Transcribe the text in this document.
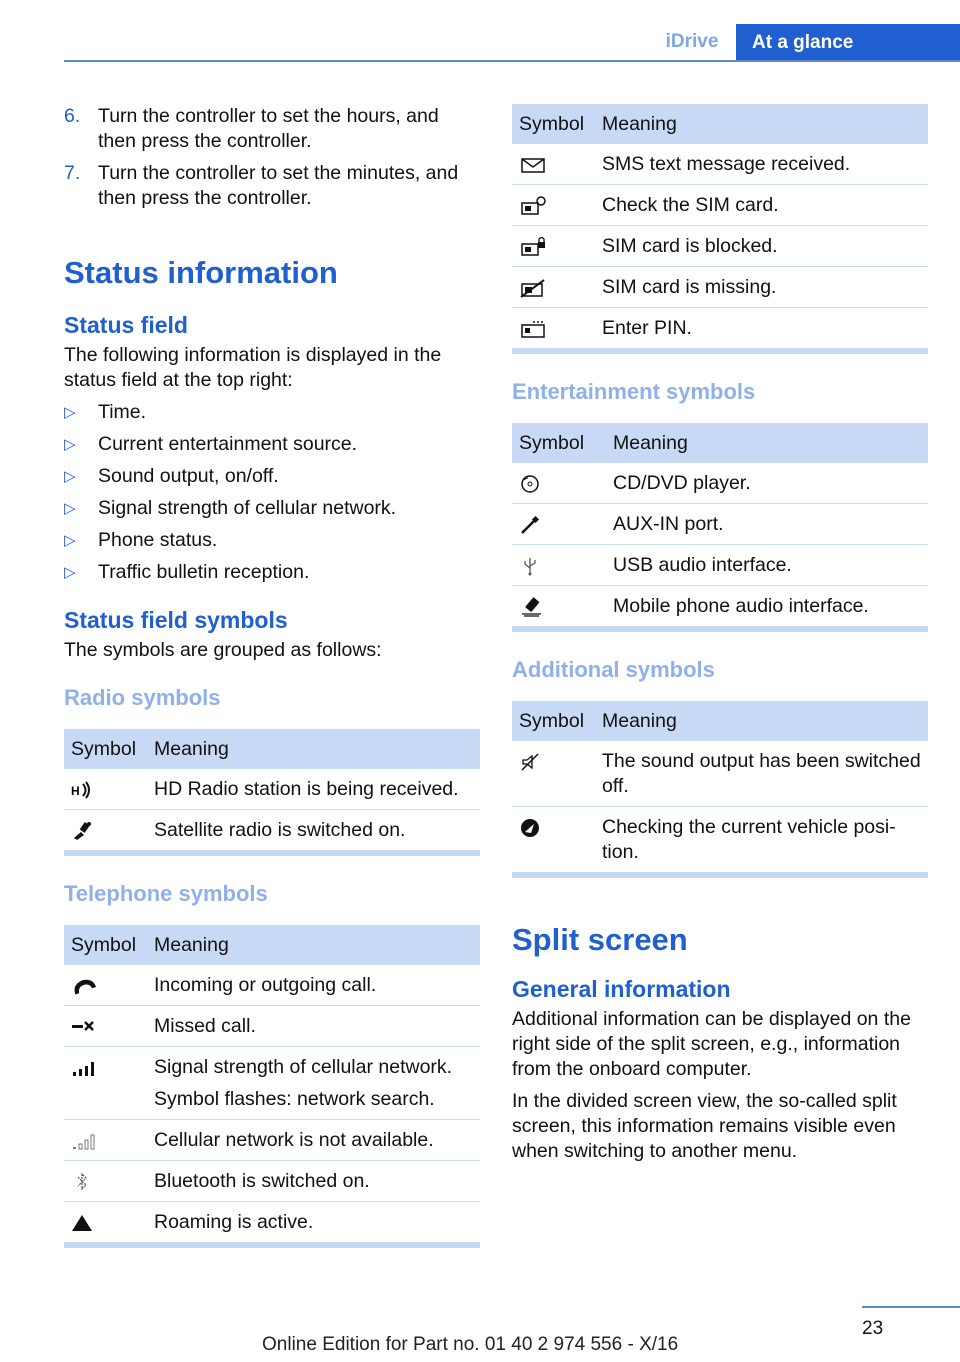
iDrive	At a glance
6. Turn the controller to set the hours, and then press the controller.
7. Turn the controller to set the minutes, and then press the controller.
Status information
Status field

The following information is displayed in the status field at the top right:

▷	Time.
▷	Current entertainment source.
▷	Sound output, on/off.
▷	Signal strength of cellular network.
▷	Phone status.
▷	Traffic bulletin reception.
Status field symbols

The symbols are grouped as follows:

Radio symbols
Symbol	Meaning

H	HD Radio station is being received.
	Satellite radio is switched on.
Telephone symbols
Symbol	Meaning
	Incoming or outgoing call.
	Missed call.

Signal strength of cellular network.
Symbol flashes: network search.

	Cellular network is not available.
	Bluetooth is switched on.
	Roaming is active.
Symbol	Meaning
	SMS text message received.
	Check the SIM card.
	SIM card is blocked.
	SIM card is missing.
	Enter PIN.
Entertainment symbols
Symbol	Meaning
	CD/DVD player.
	AUX-IN port.
	USB audio interface.
	Mobile phone audio interface.
Additional symbols
Symbol	Meaning
	The sound output has been switched off.
	Checking the current vehicle posi‐tion.
Split screen
General information

Additional information can be displayed on the right side of the split screen, e.g., information from the onboard computer.

In the divided screen view, the so-called split screen, this information remains visible even when switching to another menu.

23
Online Edition for Part no. 01 40 2 974 556 - X/16
